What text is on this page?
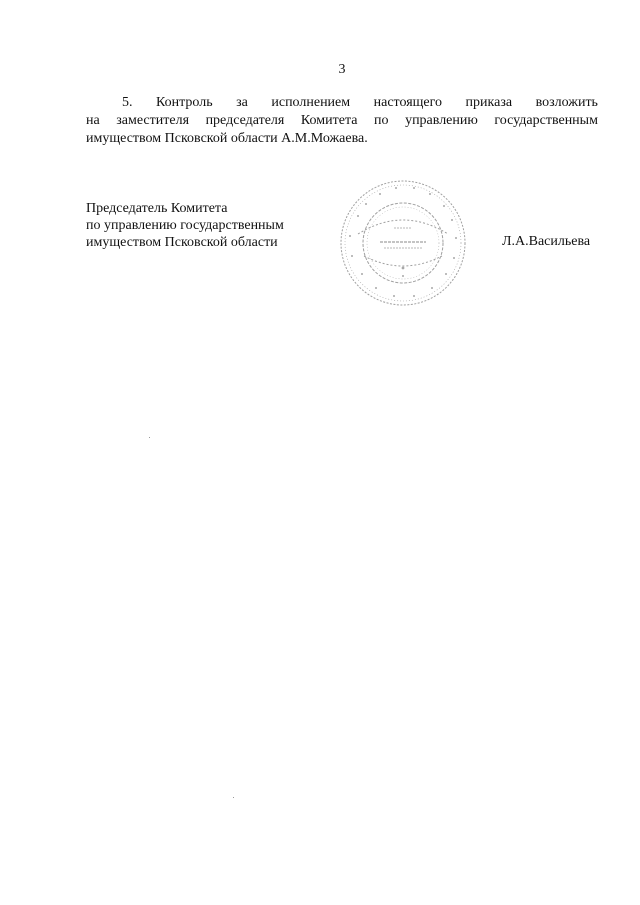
3
5. Контроль за исполнением настоящего приказа возложить
на заместителя председателя Комитета по управлению государственным
имуществом Псковской области А.М.Можаева.
Председатель Комитета
по управлению государственным
имуществом Псковской области	Л.А.Васильева
